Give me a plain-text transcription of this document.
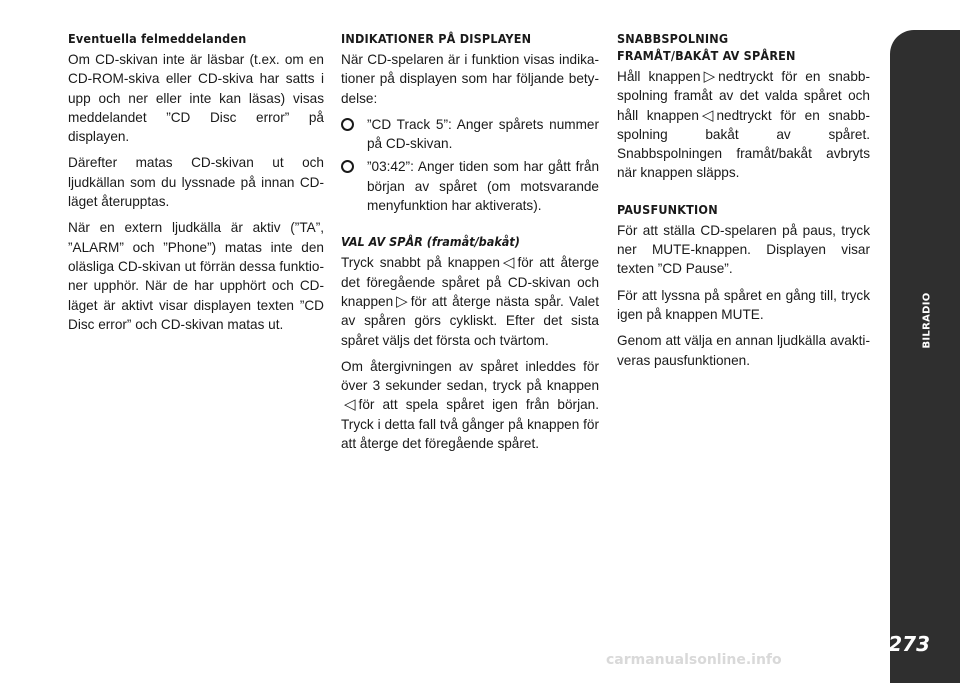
Eventuella felmeddelanden

Om CD-skivan inte är läsbar (t.ex. om en CD-ROM-skiva eller CD-skiva har satts i upp och ner eller inte kan läsas) visas meddelandet ”CD Disc error” på displayen.

Därefter matas CD-skivan ut och ljudkällan som du lyssnade på innan CD-läget återupptas.

När en extern ljudkälla är aktiv (”TA”, ”ALARM” och ”Phone”) matas inte den oläsliga CD-skivan ut förrän dessa funktioner upphör. När de har upphört och CD-läget är aktivt visar displayen texten ”CD Disc error” och CD-skivan matas ut.

INDIKATIONER PÅ DISPLAYEN

När CD-spelaren är i funktion visas indikationer på displayen som har följande betydelse:

”CD Track 5”: Anger spårets nummer på CD-skivan.
”03:42”: Anger tiden som har gått från början av spåret (om motsvarande menyfunktion har aktiverats).
VAL AV SPÅR (framåt/bakåt)

Tryck snabbt på knappen ◁ för att återge det föregående spåret på CD-skivan och knappen ▷ för att återge nästa spår. Valet av spåren görs cykliskt. Efter det sista spåret väljs det första och tvärtom.

Om återgivningen av spåret inleddes för över 3 sekunder sedan, tryck på knappen ◁ för att spela spåret igen från början. Tryck i detta fall två gånger på knappen för att återge det föregående spåret.

SNABBSPOLNING
FRAMÅT/BAKÅT AV SPÅREN

Håll knappen ▷ nedtryckt för en snabbspolning framåt av det valda spåret och håll knappen ◁ nedtryckt för en snabbspolning bakåt av spåret. Snabbspolningen framåt/bakåt avbryts när knappen släpps.

PAUSFUNKTION

För att ställa CD-spelaren på paus, tryck ner MUTE-knappen. Displayen visar texten ”CD Pause”.

För att lyssna på spåret en gång till, tryck igen på knappen MUTE.

Genom att välja en annan ljudkälla avaktiveras pausfunktionen.

BILRADIO
273
carmanualsonline.info
